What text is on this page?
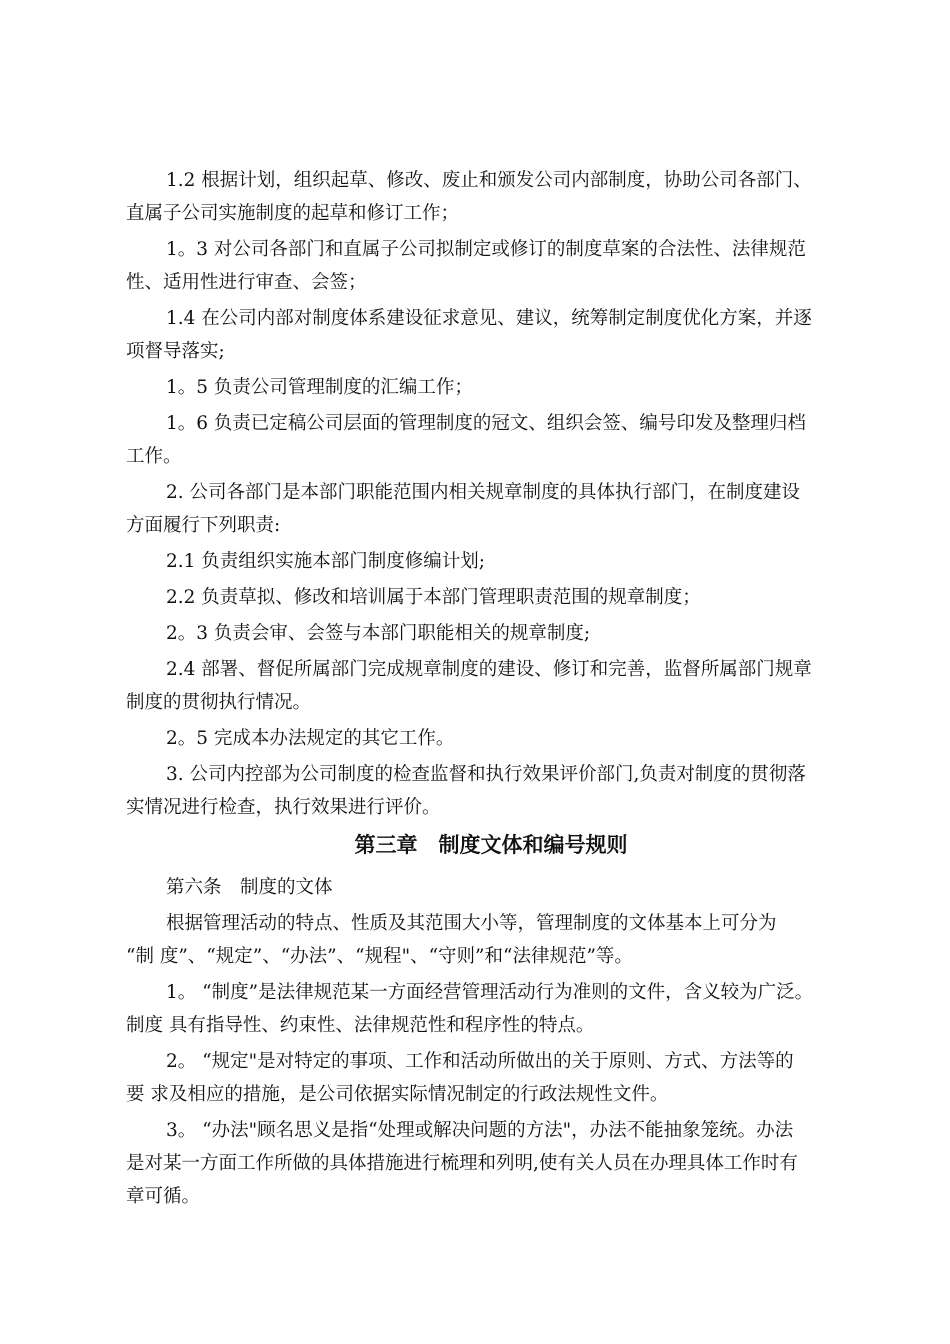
1.2 根据计划，组织起草、修改、废止和颁发公司内部制度，协助公司各部门、
直属子公司实施制度的起草和修订工作；
1。3 对公司各部门和直属子公司拟制定或修订的制度草案的合法性、法律规范
性、适用性进行审查、会签；
1.4 在公司内部对制度体系建设征求意见、建议，统筹制定制度优化方案，并逐
项督导落实;
1。5 负责公司管理制度的汇编工作；
1。6 负责已定稿公司层面的管理制度的冠文、组织会签、编号印发及整理归档
工作。
2. 公司各部门是本部门职能范围内相关规章制度的具体执行部门，在制度建设
方面履行下列职责:
2.1 负责组织实施本部门制度修编计划;
2.2 负责草拟、修改和培训属于本部门管理职责范围的规章制度；
2。3 负责会审、会签与本部门职能相关的规章制度;
2.4 部署、督促所属部门完成规章制度的建设、修订和完善，监督所属部门规章
制度的贯彻执行情况。
2。5 完成本办法规定的其它工作。
3. 公司内控部为公司制度的检查监督和执行效果评价部门,负责对制度的贯彻落
实情况进行检查，执行效果进行评价。
第三章　制度文体和编号规则
第六条　制度的文体
根据管理活动的特点、性质及其范围大小等，管理制度的文体基本上可分为
“制 度”、“规定”、“办法”、“规程"、“守则”和“法律规范”等。
1。 “制度”是法律规范某一方面经营管理活动行为准则的文件，含义较为广泛。
制度 具有指导性、约束性、法律规范性和程序性的特点。
2。 “规定"是对特定的事项、工作和活动所做出的关于原则、方式、方法等的
要 求及相应的措施，是公司依据实际情况制定的行政法规性文件。
3。 “办法"顾名思义是指“处理或解决问题的方法"，办法不能抽象笼统。办法
是对某一方面工作所做的具体措施进行梳理和列明,使有关人员在办理具体工作时有
章可循。
